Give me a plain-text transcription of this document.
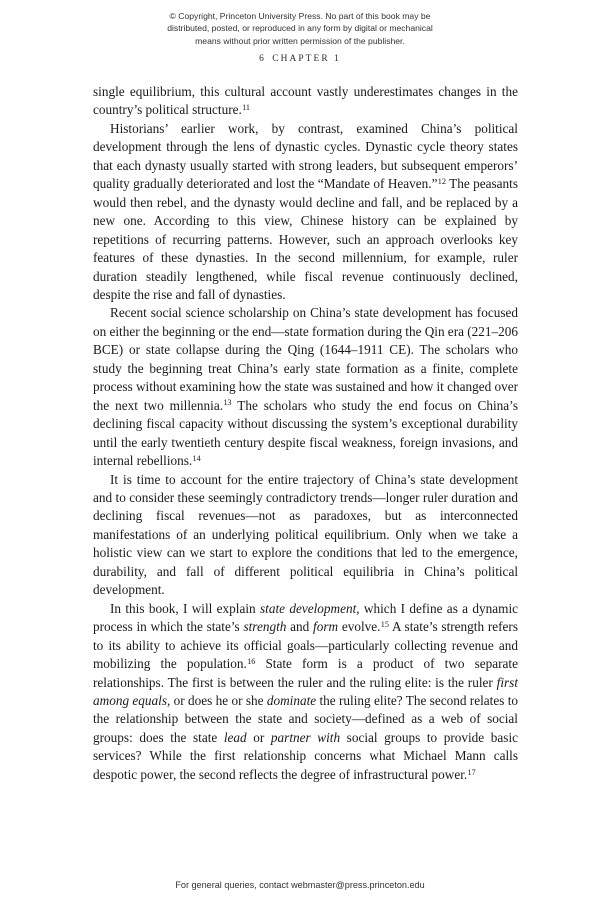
© Copyright, Princeton University Press. No part of this book may be
distributed, posted, or reproduced in any form by digital or mechanical
means without prior written permission of the publisher.
6 CHAPTER 1

single equilibrium, this cultural account vastly underestimates changes in the country’s political structure.$^{11}$

Historians’ earlier work, by contrast, examined China’s political development through the lens of dynastic cycles. Dynastic cycle theory states that each dynasty usually started with strong leaders, but subsequent emperors’ quality gradually deteriorated and lost the “Mandate of Heaven.”$^{12}$ The peasants would then rebel, and the dynasty would decline and fall, and be replaced by a new one. According to this view, Chinese history can be explained by repetitions of recurring patterns. However, such an approach overlooks key features of these dynasties. In the second millennium, for example, ruler duration steadily lengthened, while fiscal revenue continuously declined, despite the rise and fall of dynasties.

Recent social science scholarship on China’s state development has focused on either the beginning or the end—state formation during the Qin era (221–206 BCE) or state collapse during the Qing (1644–1911 CE). The scholars who study the beginning treat China’s early state formation as a finite, complete process without examining how the state was sustained and how it changed over the next two millennia.$^{13}$ The scholars who study the end focus on China’s declining fiscal capacity without discussing the system’s exceptional durability until the early twentieth century despite fiscal weakness, foreign invasions, and internal rebellions.$^{14}$

It is time to account for the entire trajectory of China’s state development and to consider these seemingly contradictory trends—longer ruler duration and declining fiscal revenues—not as paradoxes, but as interconnected manifestations of an underlying political equilibrium. Only when we take a holistic view can we start to explore the conditions that led to the emergence, durability, and fall of different political equilibria in China’s political development.

In this book, I will explain state development, which I define as a dynamic process in which the state’s strength and form evolve.$^{15}$ A state’s strength refers to its ability to achieve its official goals—particularly collecting revenue and mobilizing the population.$^{16}$ State form is a product of two separate relationships. The first is between the ruler and the ruling elite: is the ruler first among equals, or does he or she dominate the ruling elite? The second relates to the relationship between the state and society—defined as a web of social groups: does the state lead or partner with social groups to provide basic services? While the first relationship concerns what Michael Mann calls despotic power, the second reflects the degree of infrastructural power.$^{17}$

For general queries, contact webmaster@press.princeton.edu
